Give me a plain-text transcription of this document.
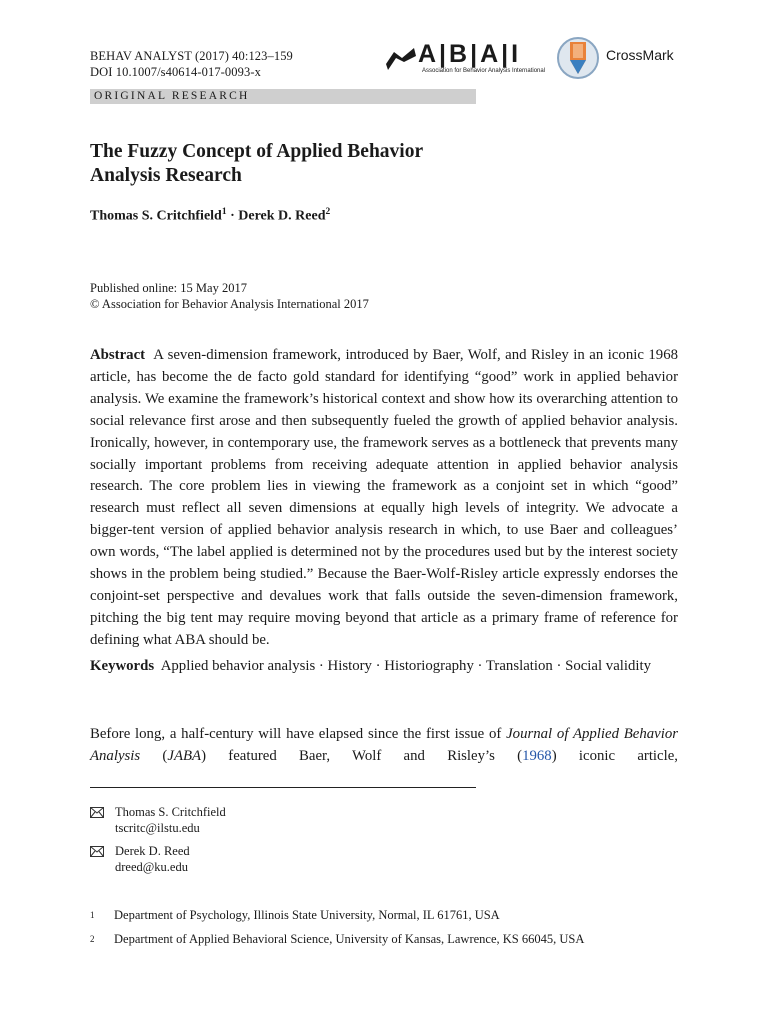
BEHAV ANALYST (2017) 40:123–159
DOI 10.1007/s40614-017-0093-x
ORIGINAL RESEARCH
A|B|A|I
Association for Behavior Analysis International
CrossMark
The Fuzzy Concept of Applied Behavior
Analysis Research
Thomas S. Critchfield$^1$ · Derek D. Reed$^2$
Published online: 15 May 2017
© Association for Behavior Analysis International 2017

Abstract A seven-dimension framework, introduced by Baer, Wolf, and Risley in an iconic 1968 article, has become the de facto gold standard for identifying “good” work in applied behavior analysis. We examine the framework’s historical context and show how its overarching attention to social relevance first arose and then subsequently fueled the growth of applied behavior analysis. Ironically, however, in contemporary use, the framework serves as a bottleneck that prevents many socially important problems from receiving adequate attention in applied behavior analysis research. The core problem lies in viewing the framework as a conjoint set in which “good” research must reflect all seven dimensions at equally high levels of integrity. We advocate a bigger-tent version of applied behavior analysis research in which, to use Baer and colleagues’ own words, “The label applied is determined not by the procedures used but by the interest society shows in the problem being studied.” Because the Baer-Wolf-Risley article expressly endorses the conjoint-set perspective and devalues work that falls outside the seven-dimension framework, pitching the big tent may require moving beyond that article as a primary frame of reference for defining what ABA should be.

Keywords Applied behavior analysis · History · Historiography · Translation · Social validity

Before long, a half-century will have elapsed since the first issue of Journal of Applied Behavior Analysis (JABA) featured Baer, Wolf and Risley’s (1968) iconic article,

Thomas S. Critchfield
tscritc@ilstu.edu
Derek D. Reed
dreed@ku.edu
1 Department of Psychology, Illinois State University, Normal, IL 61761, USA
2 Department of Applied Behavioral Science, University of Kansas, Lawrence, KS 66045, USA
